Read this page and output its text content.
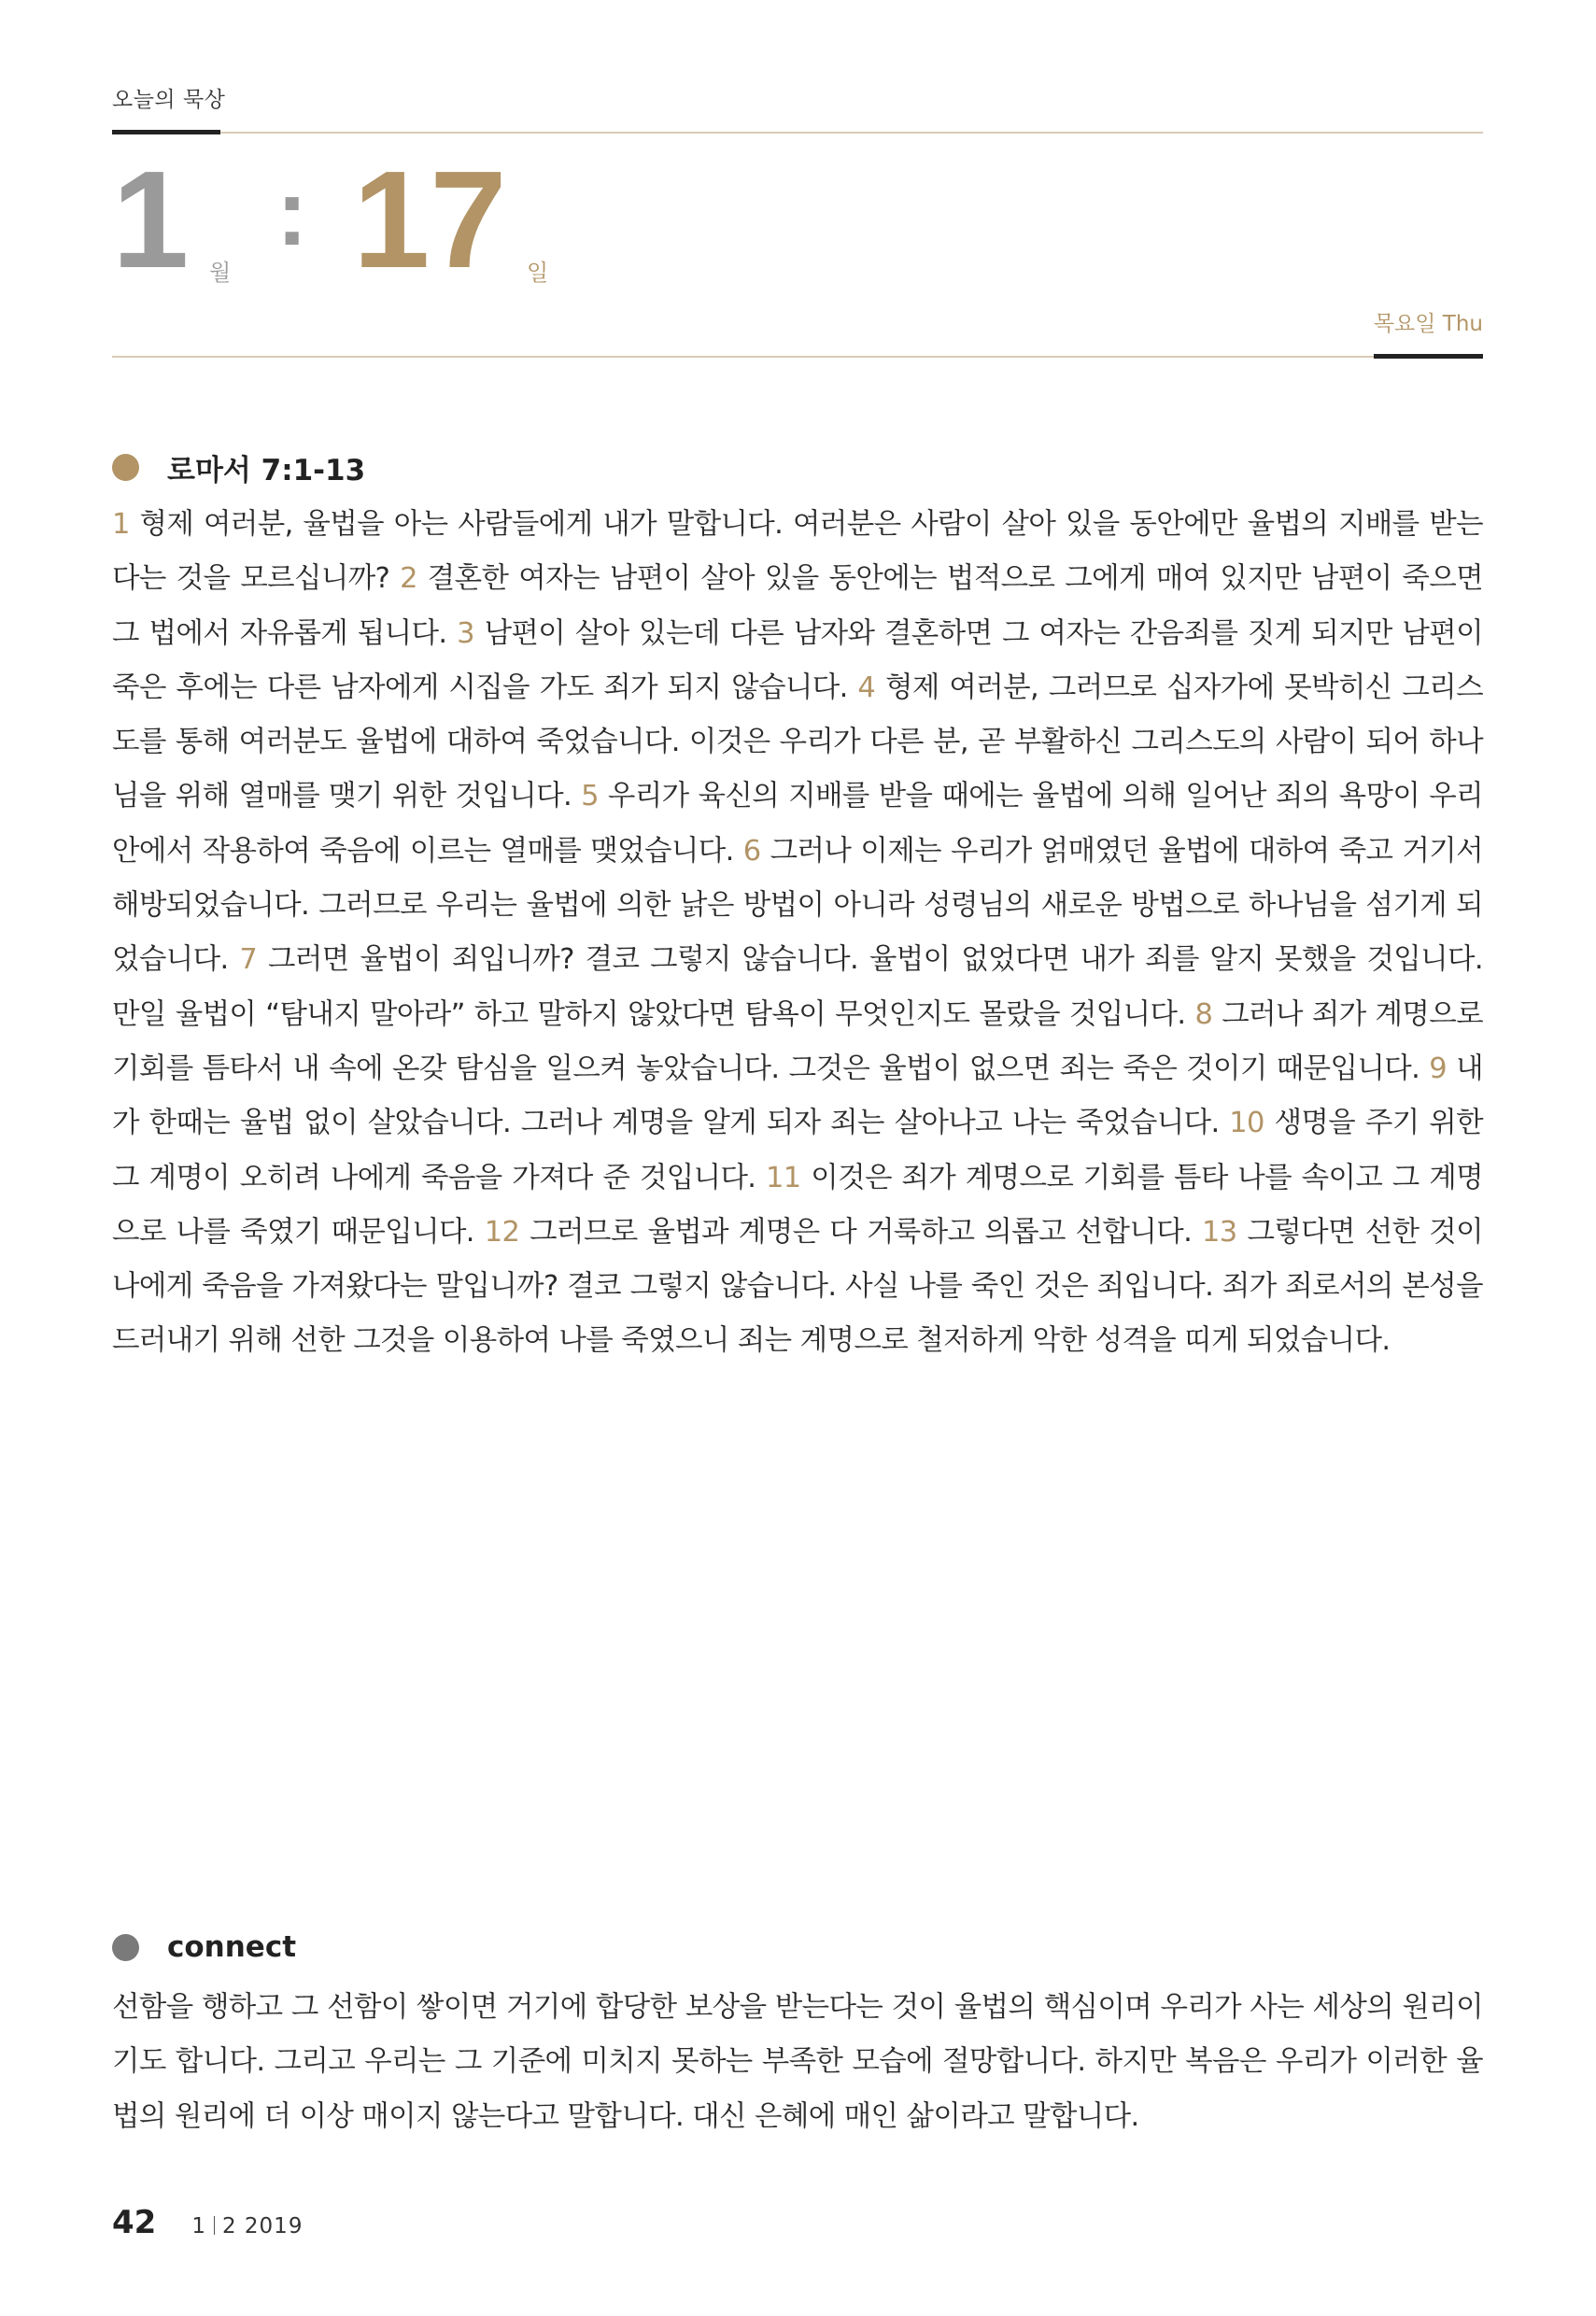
오늘의 묵상
1 월
: 17 일
목요일 Thu
로마서 7:1-13
1 형제 여러분, 율법을 아는 사람들에게 내가 말합니다. 여러분은 사람이 살아 있을 동안에만 율법의 지배를 받는다는 것을 모르십니까? 2 결혼한 여자는 남편이 살아 있을 동안에는 법적으로 그에게 매여 있지만 남편이 죽으면 그 법에서 자유롭게 됩니다. 3 남편이 살아 있는데 다른 남자와 결혼하면 그 여자는 간음죄를 짓게 되지만 남편이 죽은 후에는 다른 남자에게 시집을 가도 죄가 되지 않습니다. 4 형제 여러분, 그러므로 십자가에 못박히신 그리스도를 통해 여러분도 율법에 대하여 죽었습니다. 이것은 우리가 다른 분, 곧 부활하신 그리스도의 사람이 되어 하나님을 위해 열매를 맺기 위한 것입니다. 5 우리가 육신의 지배를 받을 때에는 율법에 의해 일어난 죄의 욕망이 우리 안에서 작용하여 죽음에 이르는 열매를 맺었습니다. 6 그러나 이제는 우리가 얽매였던 율법에 대하여 죽고 거기서 해방되었습니다. 그러므로 우리는 율법에 의한 낡은 방법이 아니라 성령님의 새로운 방법으로 하나님을 섬기게 되었습니다. 7 그러면 율법이 죄입니까? 결코 그렇지 않습니다. 율법이 없었다면 내가 죄를 알지 못했을 것입니다. 만일 율법이 “탐내지 말아라” 하고 말하지 않았다면 탐욕이 무엇인지도 몰랐을 것입니다. 8 그러나 죄가 계명으로 기회를 틈타서 내 속에 온갖 탐심을 일으켜 놓았습니다. 그것은 율법이 없으면 죄는 죽은 것이기 때문입니다. 9 내가 한때는 율법 없이 살았습니다. 그러나 계명을 알게 되자 죄는 살아나고 나는 죽었습니다. 10 생명을 주기 위한 그 계명이 오히려 나에게 죽음을 가져다 준 것입니다. 11 이것은 죄가 계명으로 기회를 틈타 나를 속이고 그 계명으로 나를 죽였기 때문입니다. 12 그러므로 율법과 계명은 다 거룩하고 의롭고 선합니다. 13 그렇다면 선한 것이 나에게 죽음을 가져왔다는 말입니까? 결코 그렇지 않습니다. 사실 나를 죽인 것은 죄입니다. 죄가 죄로서의 본성을 드러내기 위해 선한 그것을 이용하여 나를 죽였으니 죄는 계명으로 철저하게 악한 성격을 띠게 되었습니다.
connect
선함을 행하고 그 선함이 쌓이면 거기에 합당한 보상을 받는다는 것이 율법의 핵심이며 우리가 사는 세상의 원리이기도 합니다. 그리고 우리는 그 기준에 미치지 못하는 부족한 모습에 절망합니다. 하지만 복음은 우리가 이러한 율법의 원리에 더 이상 매이지 않는다고 말합니다. 대신 은혜에 매인 삶이라고 말합니다.
42 1 2 2019
